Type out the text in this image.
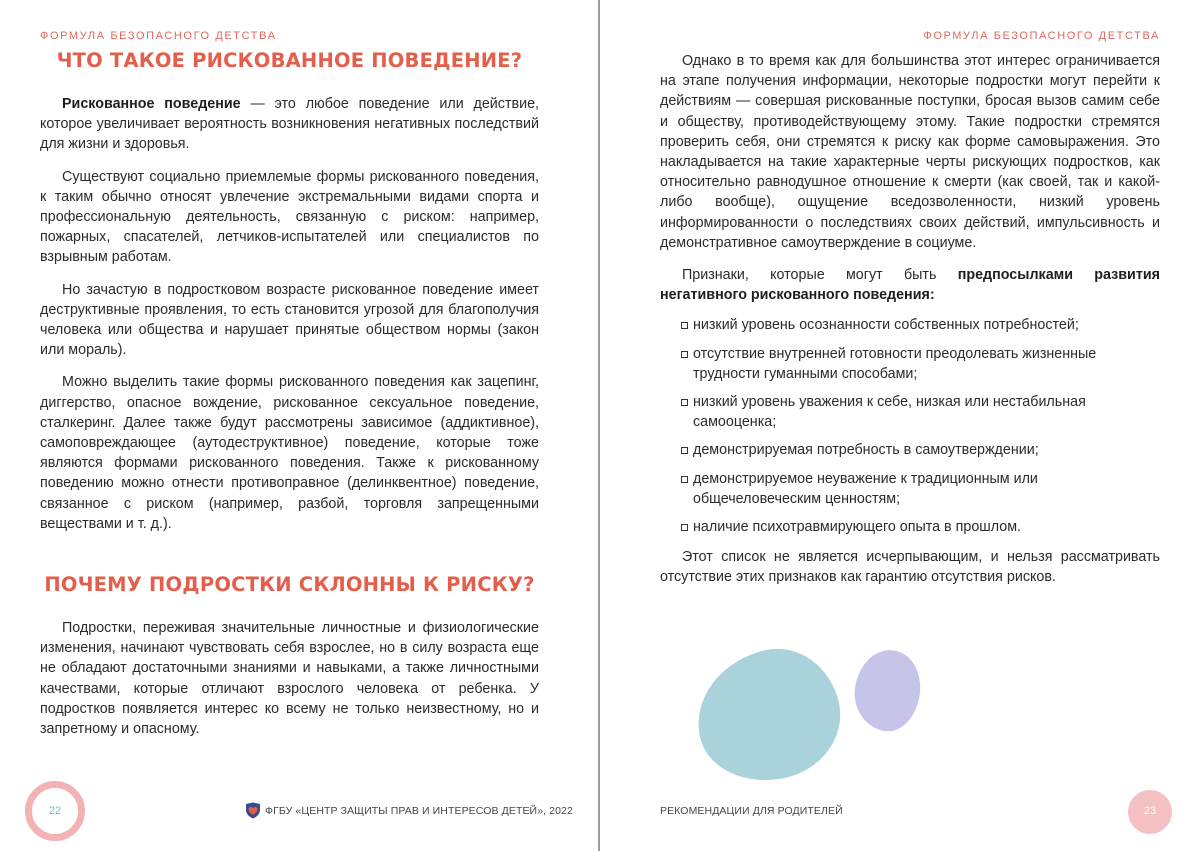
ФОРМУЛА БЕЗОПАСНОГО ДЕТСТВА
ЧТО ТАКОЕ РИСКОВАННОЕ ПОВЕДЕНИЕ?

Рискованное поведение — это любое поведение или действие, которое увеличивает вероятность возникновения негативных последствий для жизни и здоровья.

Существуют социально приемлемые формы рискованного поведения, к таким обычно относят увлечение экстремальными видами спорта и профессиональную деятельность, связанную с риском: например, пожарных, спасателей, летчиков-испытателей или специалистов по взрывным работам.

Но зачастую в подростковом возрасте рискованное поведение имеет деструктивные проявления, то есть становится угрозой для благополучия человека или общества и нарушает принятые обществом нормы (закон или мораль).

Можно выделить такие формы рискованного поведения как зацепинг, диггерство, опасное вождение, рискованное сексуальное поведение, сталкеринг. Далее также будут рассмотрены зависимое (аддиктивное), самоповреждающее (аутодеструктивное) поведение, которые тоже являются формами рискованного поведения. Также к рискованному поведению можно отнести противоправное (делинквентное) поведение, связанное с риском (например, разбой, торговля запрещенными веществами и т. д.).

ПОЧЕМУ ПОДРОСТКИ СКЛОННЫ К РИСКУ?

Подростки, переживая значительные личностные и физиологические изменения, начинают чувствовать себя взрослее, но в силу возраста еще не обладают достаточными знаниями и навыками, а также личностными качествами, которые отличают взрослого человека от ребенка. У подростков появляется интерес ко всему не только неизвестному, но и запретному и опасному.

22	ФГБУ «ЦЕНТР ЗАЩИТЫ ПРАВ И ИНТЕРЕСОВ ДЕТЕЙ», 2022
ФОРМУЛА БЕЗОПАСНОГО ДЕТСТВА

Однако в то время как для большинства этот интерес ограничивается на этапе получения информации, некоторые подростки могут перейти к действиям — совершая рискованные поступки, бросая вызов самим себе и обществу, противодействующему этому. Такие подростки стремятся проверить себя, они стремятся к риску как форме самовыражения. Это накладывается на такие характерные черты рискующих подростков, как относительно равнодушное отношение к смерти (как своей, так и какой-либо вообще), ощущение вседозволенности, низкий уровень информированности о последствиях своих действий, импульсивность и демонстративное самоутверждение в социуме.

Признаки, которые могут быть предпосылками развития негативного рискованного поведения:

низкий уровень осознанности собственных потребностей;
отсутствие внутренней готовности преодолевать жизненные трудности гуманными способами;
низкий уровень уважения к себе, низкая или нестабильная самооценка;
демонстрируемая потребность в самоутверждении;
демонстрируемое неуважение к традиционным или общечеловеческим ценностям;
наличие психотравмирующего опыта в прошлом.

Этот список не является исчерпывающим, и нельзя рассматривать отсутствие этих признаков как гарантию отсутствия рисков.

РЕКОМЕНДАЦИИ ДЛЯ РОДИТЕЛЕЙ	23
